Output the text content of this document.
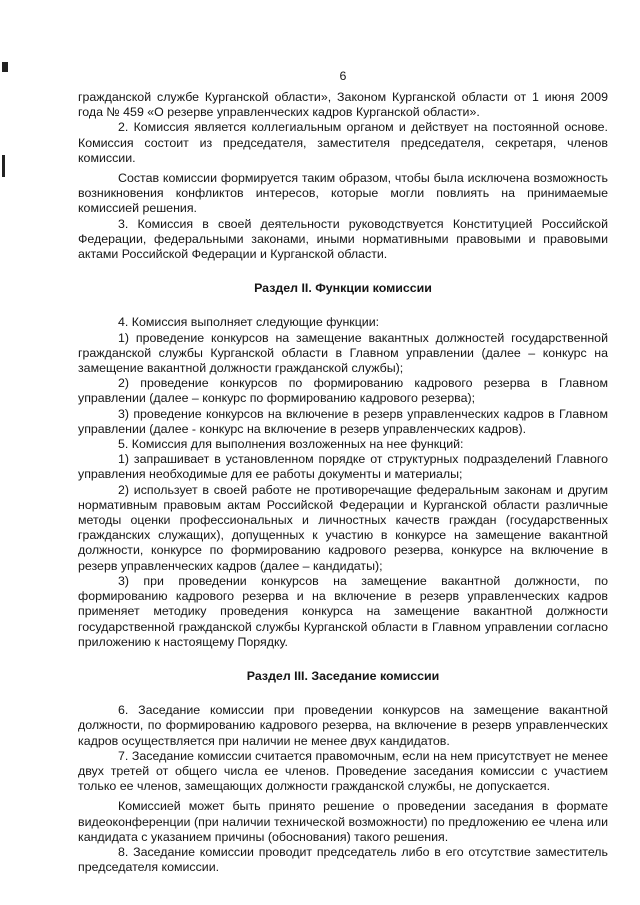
6

гражданской службе Курганской области», Законом Курганской области от 1 июня 2009 года № 459 «О резерве управленческих кадров Курганской области».

2. Комиссия является коллегиальным органом и действует на постоянной основе. Комиссия состоит из председателя, заместителя председателя, секретаря, членов комиссии.

Состав комиссии формируется таким образом, чтобы была исключена возможность возникновения конфликтов интересов, которые могли повлиять на принимаемые комиссией решения.

3. Комиссия в своей деятельности руководствуется Конституцией Российской Федерации, федеральными законами, иными нормативными правовыми и правовыми актами Российской Федерации и Курганской области.

Раздел II. Функции комиссии

4. Комиссия выполняет следующие функции:

1) проведение конкурсов на замещение вакантных должностей государственной гражданской службы Курганской области в Главном управлении (далее – конкурс на замещение вакантной должности гражданской службы);

2) проведение конкурсов по формированию кадрового резерва в Главном управлении (далее – конкурс по формированию кадрового резерва);

3) проведение конкурсов на включение в резерв управленческих кадров в Главном управлении (далее - конкурс на включение в резерв управленческих кадров).

5. Комиссия для выполнения возложенных на нее функций:

1) запрашивает в установленном порядке от структурных подразделений Главного управления необходимые для ее работы документы и материалы;

2) использует в своей работе не противоречащие федеральным законам и другим нормативным правовым актам Российской Федерации и Курганской области различные методы оценки профессиональных и личностных качеств граждан (государственных гражданских служащих), допущенных к участию в конкурсе на замещение вакантной должности, конкурсе по формированию кадрового резерва, конкурсе на включение в резерв управленческих кадров (далее – кандидаты);

3) при проведении конкурсов на замещение вакантной должности, по формированию кадрового резерва и на включение в резерв управленческих кадров применяет методику проведения конкурса на замещение вакантной должности государственной гражданской службы Курганской области в Главном управлении согласно приложению к настоящему Порядку.

Раздел III. Заседание комиссии

6. Заседание комиссии при проведении конкурсов на замещение вакантной должности, по формированию кадрового резерва, на включение в резерв управленческих кадров осуществляется при наличии не менее двух кандидатов.

7. Заседание комиссии считается правомочным, если на нем присутствует не менее двух третей от общего числа ее членов. Проведение заседания комиссии с участием только ее членов, замещающих должности гражданской службы, не допускается.

Комиссией может быть принято решение о проведении заседания в формате видеоконференции (при наличии технической возможности) по предложению ее члена или кандидата с указанием причины (обоснования) такого решения.

8. Заседание комиссии проводит председатель либо в его отсутствие заместитель председателя комиссии.
